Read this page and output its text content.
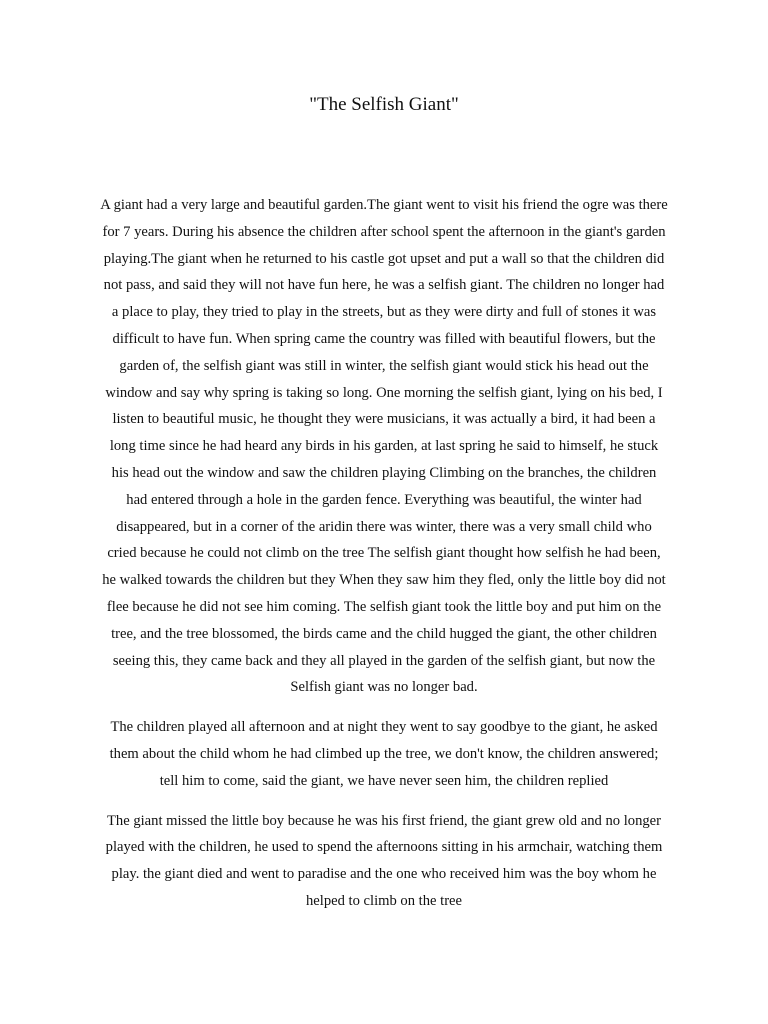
"The Selfish Giant"

A giant had a very large and beautiful garden.The giant went to visit his friend the ogre was there for 7 years. During his absence the children after school spent the afternoon in the giant's garden playing.The giant when he returned to his castle got upset and put a wall so that the children did not pass, and said they will not have fun here, he was a selfish giant. The children no longer had a place to play, they tried to play in the streets, but as they were dirty and full of stones it was difficult to have fun. When spring came the country was filled with beautiful flowers, but the garden of, the selfish giant was still in winter, the selfish giant would stick his head out the window and say why spring is taking so long. One morning the selfish giant, lying on his bed, I listen to beautiful music, he thought they were musicians, it was actually a bird, it had been a long time since he had heard any birds in his garden, at last spring he said to himself, he stuck his head out the window and saw the children playing Climbing on the branches, the children had entered through a hole in the garden fence. Everything was beautiful, the winter had disappeared, but in a corner of the aridin there was winter, there was a very small child who cried because he could not climb on the tree The selfish giant thought how selfish he had been, he walked towards the children but they When they saw him they fled, only the little boy did not flee because he did not see him coming. The selfish giant took the little boy and put him on the tree, and the tree blossomed, the birds came and the child hugged the giant, the other children seeing this, they came back and they all played in the garden of the selfish giant, but now the Selfish giant was no longer bad.

The children played all afternoon and at night they went to say goodbye to the giant, he asked them about the child whom he had climbed up the tree, we don't know, the children answered; tell him to come, said the giant, we have never seen him, the children replied

The giant missed the little boy because he was his first friend, the giant grew old and no longer played with the children, he used to spend the afternoons sitting in his armchair, watching them play. the giant died and went to paradise and the one who received him was the boy whom he helped to climb on the tree
